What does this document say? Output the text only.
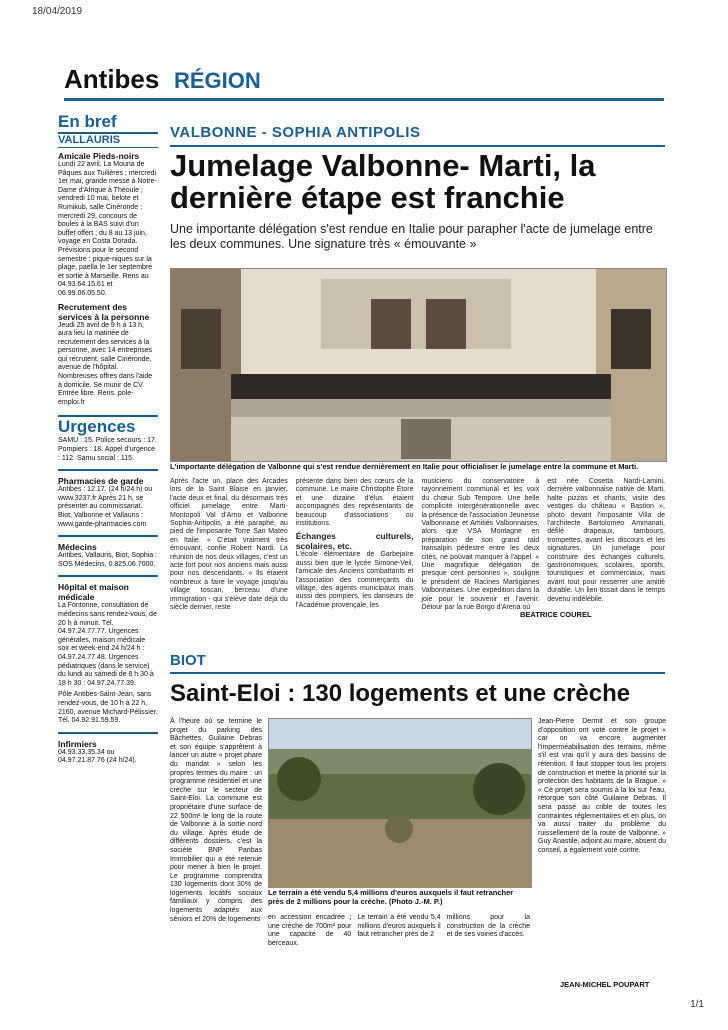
18/04/2019
1/1
Antibes RÉGION
En bref
VALLAURIS
Amicale Pieds-noirs

Lundi 22 avril, La Mouna de Pâques aux Tuilières ; mercredi 1er mai, grande messe à Notre-Dame d'Afrique à Théoule ; vendredi 10 mai, belote et Rumikub, salle Cinéronde ; mercredi 29, concours de boules à la BAS suivi d'un buffet offert ; du 8 au 13 juin, voyage en Costa Dorada. Prévisions pour le second semestre : pique-niques sur la plage, paella le 1er septembre et sortie à Marseille. Rens au 04.93.64.15.61 et 06.99.06.05.50.

Recrutement des services à la personne

Jeudi 25 avril de 9 h à 13 h, aura lieu la matinée de recrutement des services à la personne, avec 14 entreprises qui recrutent, salle Cinéronde, avenue de l'hôpital. Nombreuses offres dans l'aide à domicile. Se munir de CV. Entrée libre. Rens. pole-emploi.fr

Urgences

SAMU : 15. Police secours : 17. Pompiers : 18. Appel d'urgence : 112. Samu social : 115.

Pharmacies de garde

Antibes : 12.17. (24 h/24 h) ou www.3237.fr Après 21 h, se présenter au commissariat. Biot, Valbonne et Vallauris : www.garde-pharmacies.com

Médecins

Antibes, Vallauris, Biot, Sophia : SOS Médecins, 0.825.06.7000.

Hôpital et maison médicale

La Fontonne, consultation de médecins sans rendez-vous, de 20 h à minuit. Tél. 04.97.24.77.77. Urgences générales, maison médicale soir et week-end 24 h/24 h : 04.97.24.77.48. Urgences pédiatriques (dans le service) du lundi au samedi de 8 h 30 à 18 h 30 : 04.97.24.77.39.

Pôle Antibes-Saint-Jean, sans rendez-vous, de 10 h à 22 h, 2160, avenue Michard-Pélissier. Tél. 04.92.91.59.59.

Infirmiers

04.93.33.35.34 ou 04.97.21.87.76 (24 h/24).

VALBONNE - SOPHIA ANTIPOLIS
Jumelage Valbonne- Marti, la dernière étape est franchie
Une importante délégation s'est rendue en Italie pour parapher l'acte de jumelage entre les deux communes. Une signature très « émouvante »
L'importante délégation de Valbonne qui s'est rendue dernièrement en Italie pour officialiser le jumelage entre la commune et Marti.
Après l'acte un, place des Arcades lors de la Saint Blaise en janvier, l'acte deux et final, du désormais très officiel jumelage entre Marti-Montopoli Val d'Arno et Valbonne Sophia-Antipolis, a été paraphé, au pied de l'imposante Torre San Mateo en Italie. « C'était vraiment très émouvant, confie Robert Nardi. La réunion de nos deux villages, c'est un acte fort pour nos anciens mais aussi pour nos descendants. » Ils étaient nombreux à faire le voyage jusqu'au village toscan, berceau d'une immigration - qui s'élève date déjà du siècle dernier, reste
présente dans bien des cœurs de la commune. Le maire Christophe Étore et une dizaine d'élus étaient accompagnés des représentants de beaucoup d'associations ou institutions.
Échanges culturels, scolaires, etc.
L'école élémentaire de Garbejaïre aussi bien que le lycée Simone-Veil, l'amicale des Anciens combattants et l'association des commerçants du village, des agents municipaux mais aussi des pompiers, les danseurs de l'Académie provençale, les
musiciens du conservatoire à rayonnement communal et les voix du chœur Sub Tempore. Une belle complicité intergénérationnelle avec la présence de l'association Jeunesse Valbonnaise et Amitiés Valbonnaises, alors que VSA Montagne en préparation de son grand raid transalpin pédestre entre les deux cités, ne pouvait manquer à l'appel. « Une magnifique délégation de presque cent personnes », souligne le président de Racines Martigianes Valbonnaises. Une expédition dans la joie pour le souvenir et l'avenir. Détour par la rue Borgo d'Arena où
est née Cosetta Nardi-Lamini, dernière valbonnaise native de Marti, halte pizzas et chants, visite des vestiges du château « Bastion », photo devant l'imposante Villa de l'architecte Bartolomeo Ammanati, défilé drapeaux, tambours, trompettes, avant les discours et les signatures. Un jumelage pour construire des échanges culturels, gastronomiques, scolaires, sportifs, touristiques et commerciaux, mais avant tout pour resserrer une amitié durable. Un lien tissait dans le temps devenu indélébile.
BEATRICE COUREL
BIOT
Saint-Eloi : 130 logements et une crèche
À l'heure où se termine le projet du parking des Bâchettes, Guilaine Debras et son équipe s'apprêtent à lancer un autre « projet phare du mandat » selon les propres termes du maire : un programme résidentiel et une crèche sur le secteur de Saint-Eloi. La commune est propriétaire d'une surface de 22 500m² le long de la route de Valbonne à la sortie nord du village. Après étude de différents dossiers, c'est la société BNP Paribas Immobilier qui a été retenue pour mener à bien le projet. Le programme comprendra 130 logements dont 30% de logements locatifs sociaux familiaux y compris des logements adaptés aux séniors et 20% de logements
Le terrain a été vendu 5,4 millions d'euros auxquels il faut retrancher près de 2 millions pour la crèche. (Photo J.-M. P.)
en accession encadrée ; une crèche de 700m² pour une capacité de 40 berceaux.
Le terrain a été vendu 5,4 millions d'euros auxquels il faut retrancher près de 2
millions pour la construction de la crèche et de ses voiries d'accès.
Jean-Pierre Dermit et son groupe d'opposition ont voté contre le projet « car on va encore augmenter l'imperméabilisation des terrains, même s'il est vrai qu'il y aura des bassins de rétention. Il faut stopper tous les projets de construction et mettre la priorité sur la protection des habitants de la Brague. » « Ce projet sera soumis à la loi sur l'eau, rétorque son côté Guilaine Debras. Il sera passé au crible de toutes les contraintes réglementaires et en plus, on va aussi traiter du problème du ruissellement de la route de Valbonne. » Guy Anastile, adjoint au maire, absent du conseil, a également voté contre.
JEAN-MICHEL POUPART
